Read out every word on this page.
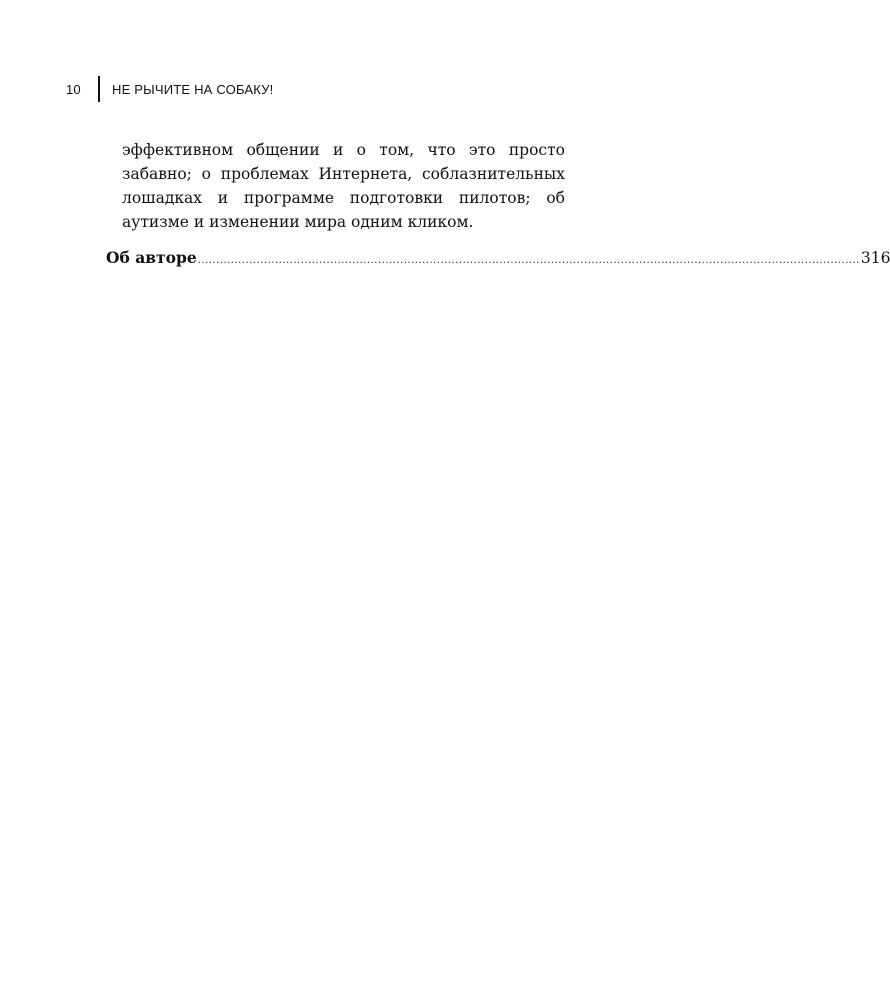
10	НЕ РЫЧИТЕ НА СОБАКУ!

эффективном общении и о том, что это просто забавно; о проблемах Интернета, соблазнительных лошадках и программе подготовки пилотов; об аутизме и изменении мира одним кликом.

Об авторе .................................................................................................................................................................................... 316
